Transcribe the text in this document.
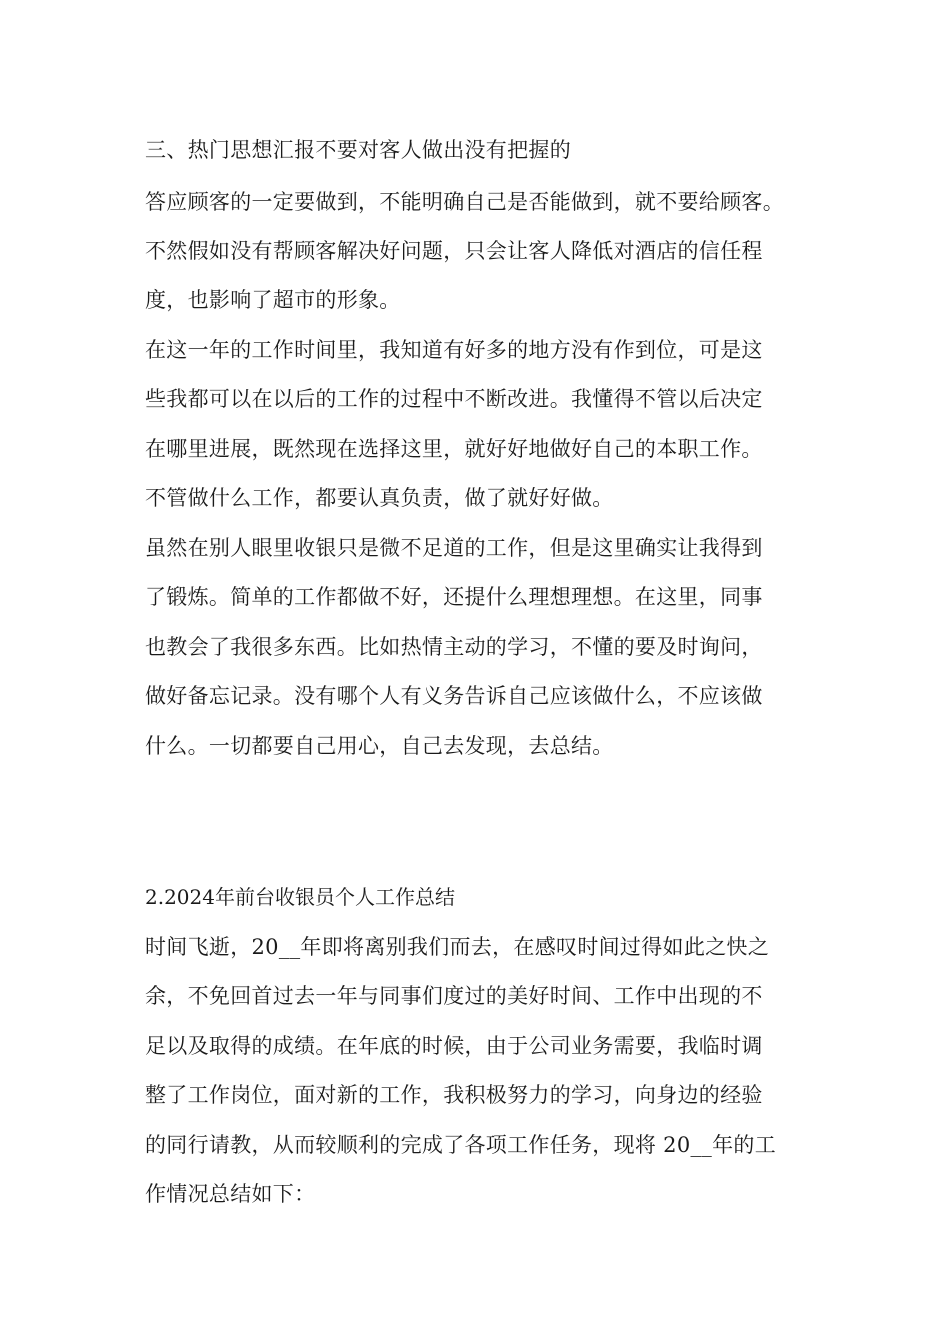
三、热门思想汇报不要对客人做出没有把握的
答应顾客的一定要做到，不能明确自己是否能做到，就不要给顾客。
不然假如没有帮顾客解决好问题，只会让客人降低对酒店的信任程
度，也影响了超市的形象。
在这一年的工作时间里，我知道有好多的地方没有作到位，可是这
些我都可以在以后的工作的过程中不断改进。我懂得不管以后决定
在哪里进展，既然现在选择这里，就好好地做好自己的本职工作。
不管做什么工作，都要认真负责，做了就好好做。
虽然在别人眼里收银只是微不足道的工作，但是这里确实让我得到
了锻炼。简单的工作都做不好，还提什么理想理想。在这里，同事
也教会了我很多东西。比如热情主动的学习，不懂的要及时询问，
做好备忘记录。没有哪个人有义务告诉自己应该做什么，不应该做
什么。一切都要自己用心，自己去发现，去总结。
2.2024年前台收银员个人工作总结
时间飞逝，20__年即将离别我们而去，在感叹时间过得如此之快之
余，不免回首过去一年与同事们度过的美好时间、工作中出现的不
足以及取得的成绩。在年底的时候，由于公司业务需要，我临时调
整了工作岗位，面对新的工作，我积极努力的学习，向身边的经验
的同行请教，从而较顺利的完成了各项工作任务，现将 20__年的工
作情况总结如下：
